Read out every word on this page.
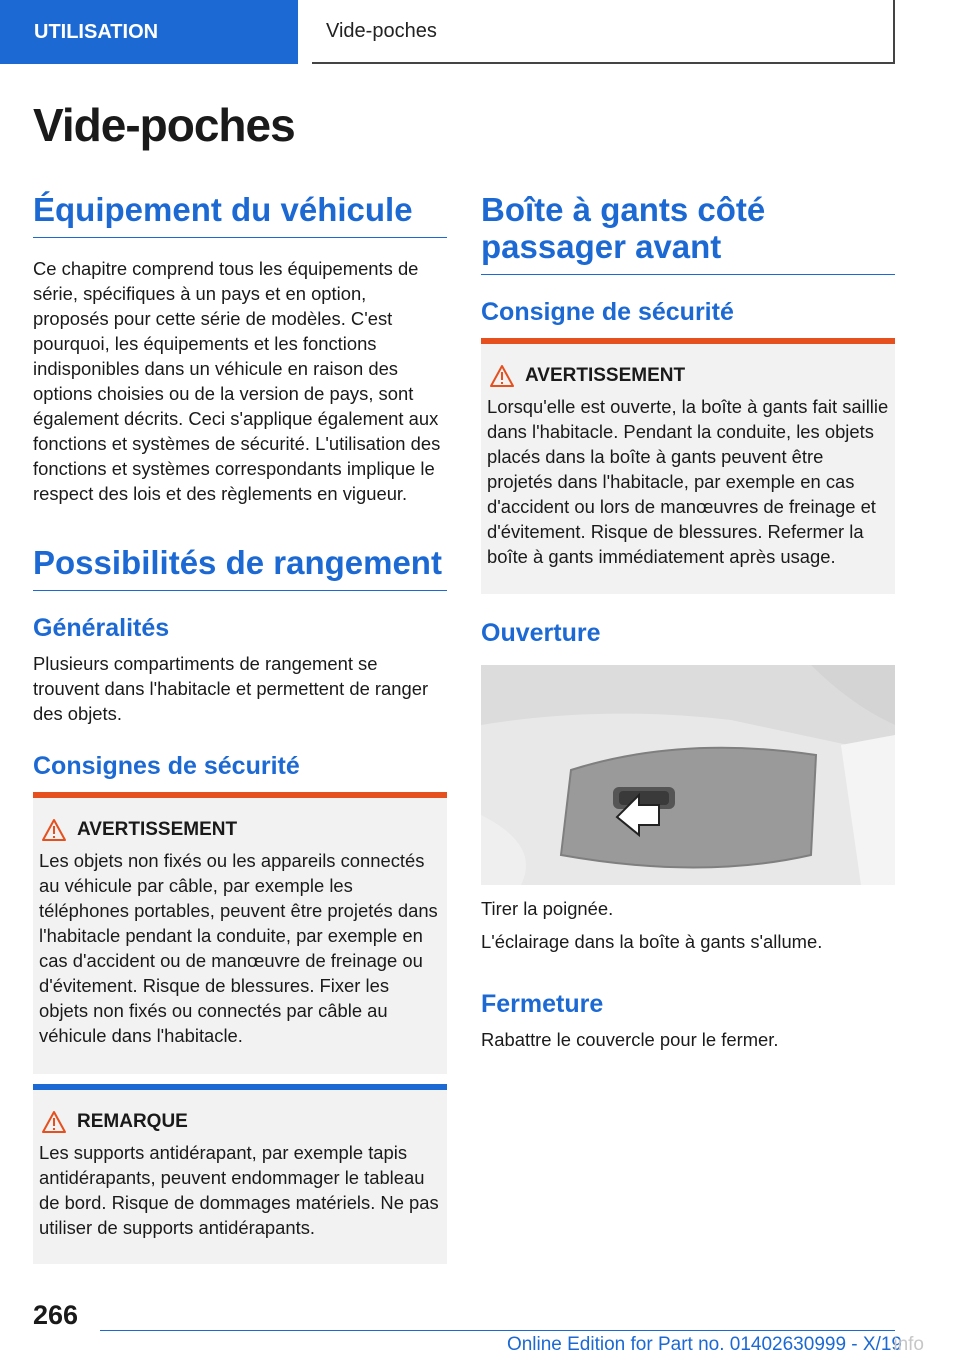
UTILISATION	Vide-poches
Vide-poches
Équipement du véhicule

Ce chapitre comprend tous les équipements de série, spécifiques à un pays et en option, proposés pour cette série de modèles. C'est pourquoi, les équipements et les fonctions indisponibles dans un véhicule en raison des options choisies ou de la version de pays, sont également décrits. Ceci s'applique également aux fonctions et systèmes de sécurité. L'utilisation des fonctions et systèmes correspondants implique le respect des lois et des règlements en vigueur.

Possibilités de rangement
Généralités

Plusieurs compartiments de rangement se trouvent dans l'habitacle et permettent de ranger des objets.

Consignes de sécurité
AVERTISSEMENT

Les objets non fixés ou les appareils connectés au véhicule par câble, par exemple les téléphones portables, peuvent être projetés dans l'habitacle pendant la conduite, par exemple en cas d'accident ou de manœuvre de freinage ou d'évitement. Risque de blessures. Fixer les objets non fixés ou connectés par câble au véhicule dans l'habitacle.

REMARQUE

Les supports antidérapant, par exemple tapis antidérapants, peuvent endommager le tableau de bord. Risque de dommages matériels. Ne pas utiliser de supports antidérapants.

Boîte à gants côté passager avant
Consigne de sécurité
AVERTISSEMENT

Lorsqu'elle est ouverte, la boîte à gants fait saillie dans l'habitacle. Pendant la conduite, les objets placés dans la boîte à gants peuvent être projetés dans l'habitacle, par exemple en cas d'accident ou lors de manœuvres de freinage et d'évitement. Risque de blessures. Refermer la boîte à gants immédiatement après usage.

Ouverture

Tirer la poignée.

L'éclairage dans la boîte à gants s'allume.

Fermeture

Rabattre le couvercle pour le fermer.

266
Online Edition for Part no. 01402630999 - X/19
info
